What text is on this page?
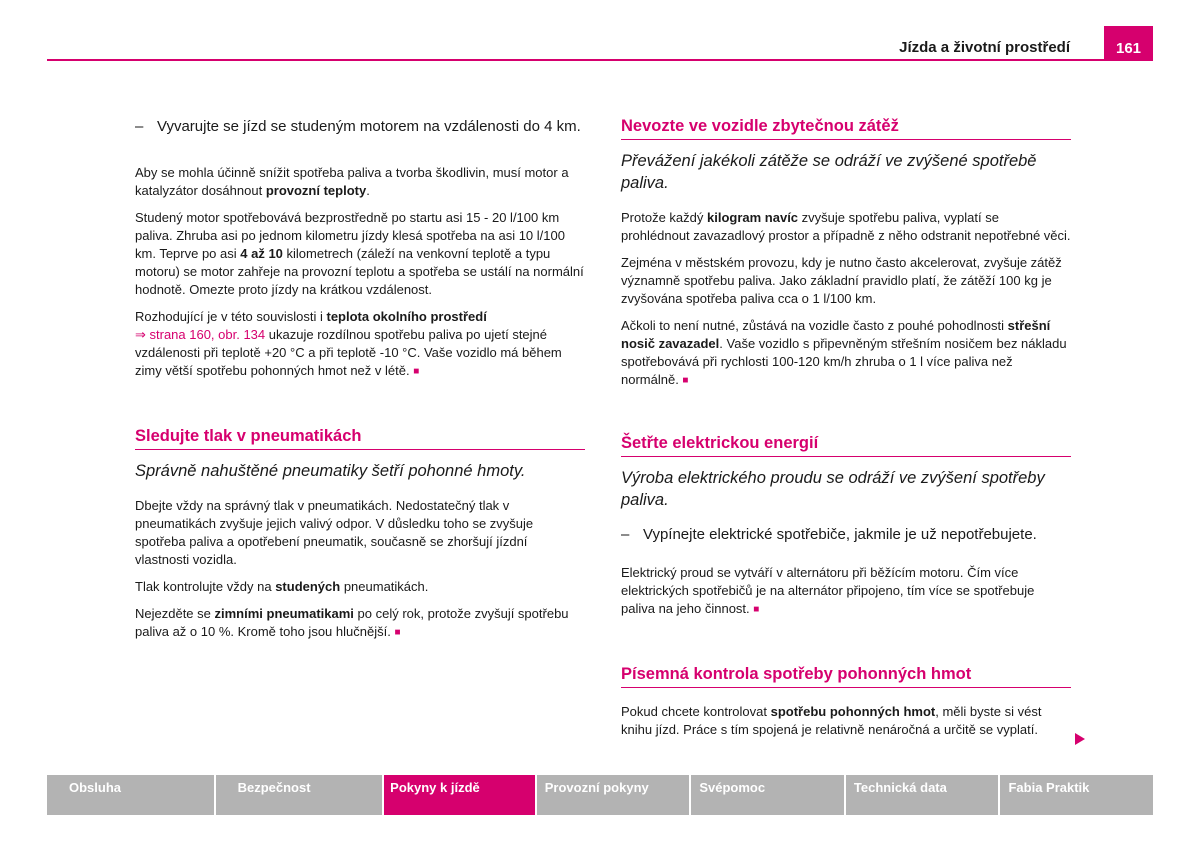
Jízda a životní prostředí	161
– Vyvarujte se jízd se studeným motorem na vzdálenosti do 4 km.

Aby se mohla účinně snížit spotřeba paliva a tvorba škodlivin, musí motor a katalyzátor dosáhnout provozní teploty.

Studený motor spotřebovává bezprostředně po startu asi 15 - 20 l/100 km paliva. Zhruba asi po jednom kilometru jízdy klesá spotřeba na asi 10 l/100 km. Teprve po asi 4 až 10 kilometrech (záleží na venkovní teplotě a typu motoru) se motor zahřeje na provozní teplotu a spotřeba se ustálí na normální hodnotě. Omezte proto jízdy na krátkou vzdálenost.

Rozhodující je v této souvislosti i teplota okolního prostředí
⇒ strana 160, obr. 134 ukazuje rozdílnou spotřebu paliva po ujetí stejné vzdálenosti při teplotě +20 °C a při teplotě -10 °C. Vaše vozidlo má během zimy větší spotřebu pohonných hmot než v létě. ■

Sledujte tlak v pneumatikách

Správně nahuštěné pneumatiky šetří pohonné hmoty.

Dbejte vždy na správný tlak v pneumatikách. Nedostatečný tlak v pneumatikách zvyšuje jejich valivý odpor. V důsledku toho se zvyšuje spotřeba paliva a opotřebení pneumatik, současně se zhoršují jízdní vlastnosti vozidla.

Tlak kontrolujte vždy na studených pneumatikách.

Nejezděte se zimními pneumatikami po celý rok, protože zvyšují spotřebu paliva až o 10 %. Kromě toho jsou hlučnější. ■

Nevozte ve vozidle zbytečnou zátěž

Převážení jakékoli zátěže se odráží ve zvýšené spotřebě paliva.

Protože každý kilogram navíc zvyšuje spotřebu paliva, vyplatí se prohlédnout zavazadlový prostor a případně z něho odstranit nepotřebné věci.

Zejména v městském provozu, kdy je nutno často akcelerovat, zvyšuje zátěž významně spotřebu paliva. Jako základní pravidlo platí, že zátěží 100 kg je zvyšována spotřeba paliva cca o 1 l/100 km.

Ačkoli to není nutné, zůstává na vozidle často z pouhé pohodlnosti střešní nosič zavazadel. Vaše vozidlo s připevněným střešním nosičem bez nákladu spotřebovává při rychlosti 100-120 km/h zhruba o 1 l více paliva než normálně. ■

Šetřte elektrickou energií

Výroba elektrického proudu se odráží ve zvýšení spotřeby paliva.

– Vypínejte elektrické spotřebiče, jakmile je už nepotřebujete.

Elektrický proud se vytváří v alternátoru při běžícím motoru. Čím více elektrických spotřebičů je na alternátor připojeno, tím více se spotřebuje paliva na jeho činnost. ■

Písemná kontrola spotřeby pohonných hmot

Pokud chcete kontrolovat spotřebu pohonných hmot, měli byste si vést knihu jízd. Práce s tím spojená je relativně nenáročná a určitě se vyplatí.

Obsluha	Bezpečnost	Pokyny k jízdě	Provozní pokyny	Svépomoc	Technická data	Fabia Praktik
